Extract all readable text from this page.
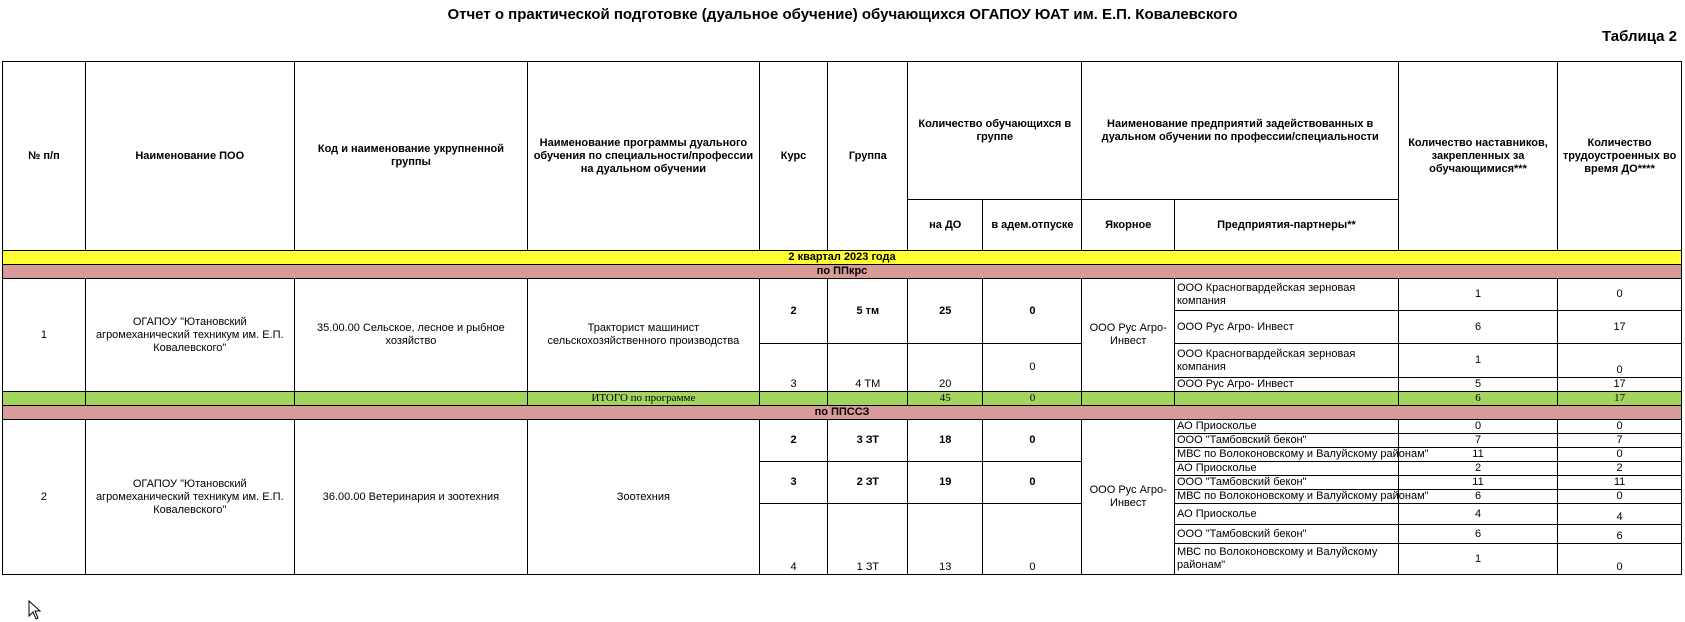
Отчет о практической подготовке (дуальное обучение) обучающихся ОГАПОУ ЮАТ им. Е.П. Ковалевского
Таблица 2
№ п/п	Наименование ПОО	Код и наименование укрупненной группы	Наименование программы дуального обучения по специальности/профессии на дуальном обучении	Курс	Группа	Количество обучающихся в группе		Наименование предприятий задействованных в дуальном обучении по профессии/специальности		Количество наставников, закрепленных за обучающимися***	Количество трудоустроенных во время ДО****
						на ДО	в адем.отпуске	Якорное	Предприятия-партнеры**		
2 квартал 2023 года											
по ППкрс											
1	ОГАПОУ "Ютановский агромеханический техникум им. Е.П. Ковалевского"	35.00.00 Сельское, лесное и рыбное хозяйство	Тракторист машинист сельскохозяйственного производства	2	5 тм	25	0	ООО Рус Агро-Инвест	ООО Красногвардейская зерновая компания	1	0
									ООО Рус Агро- Инвест	6	17
				3	4 ТМ	20	0		ООО Красногвардейская зерновая компания	1	0
									ООО Рус Агро- Инвест	5	17
			ИТОГО по программе			45	0			6	17
по ППССЗ											
2	ОГАПОУ "Ютановский агромеханический техникум им. Е.П. Ковалевского"	36.00.00 Ветеринария и зоотехния	Зоотехния	2	3 ЗТ	18	0	ООО Рус Агро-Инвест	АО Приосколье	0	0
									ООО "Тамбовский бекон"	7	7
									МВС по Волоконовскому и Валуйскому районам"	11	0
				3	2 ЗТ	19	0		АО Приосколье	2	2
									ООО "Тамбовский бекон"	11	11
									МВС по Волоконовскому и Валуйскому районам"	6	0
				4	1 ЗТ	13	0		АО Приосколье	4	4
									ООО "Тамбовский бекон"	6	6
									МВС по Волоконовскому и Валуйскому районам"	1	0
